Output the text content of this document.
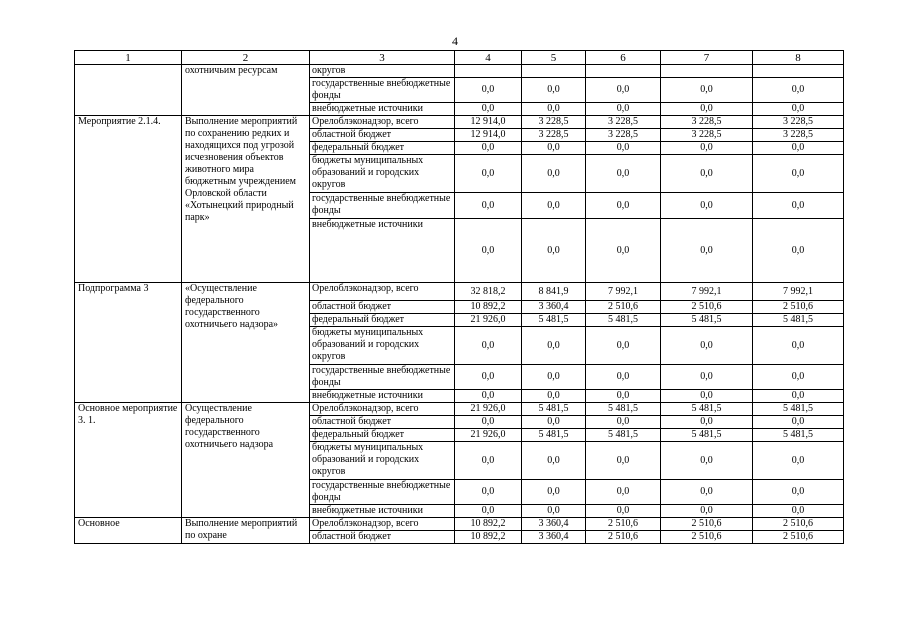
4
1	2	3	4	5	6	7	8
	охотничьим ресурсам	округов					
		государственные внебюджетные фонды	0,0	0,0	0,0	0,0	0,0
		внебюджетные источники	0,0	0,0	0,0	0,0	0,0
Мероприятие 2.1.4.	Выполнение мероприятий по сохранению редких и находящихся под угрозой исчезновения объектов животного мира бюджетным учреждением Орловской области «Хотынецкий природный парк»	Орелоблэконадзор, всего	12 914,0	3 228,5	3 228,5	3 228,5	3 228,5
		областной бюджет	12 914,0	3 228,5	3 228,5	3 228,5	3 228,5
		федеральный бюджет	0,0	0,0	0,0	0,0	0,0
		бюджеты муниципальных образований и городских округов	0,0	0,0	0,0	0,0	0,0
		государственные внебюджетные фонды	0,0	0,0	0,0	0,0	0,0
		внебюджетные источники	0,0	0,0	0,0	0,0	0,0
Подпрограмма 3	«Осуществление федерального государственного охотничьего надзора»	Орелоблэконадзор, всего	32 818,2	8 841,9	7 992,1	7 992,1	7 992,1
		областной бюджет	10 892,2	3 360,4	2 510,6	2 510,6	2 510,6
		федеральный бюджет	21 926,0	5 481,5	5 481,5	5 481,5	5 481,5
		бюджеты муниципальных образований и городских округов	0,0	0,0	0,0	0,0	0,0
		государственные внебюджетные фонды	0,0	0,0	0,0	0,0	0,0
		внебюджетные источники	0,0	0,0	0,0	0,0	0,0
Основное мероприятие 3. 1.	Осуществление федерального государственного охотничьего надзора	Орелоблэконадзор, всего	21 926,0	5 481,5	5 481,5	5 481,5	5 481,5
		областной бюджет	0,0	0,0	0,0	0,0	0,0
		федеральный бюджет	21 926,0	5 481,5	5 481,5	5 481,5	5 481,5
		бюджеты муниципальных образований и городских округов	0,0	0,0	0,0	0,0	0,0
		государственные внебюджетные фонды	0,0	0,0	0,0	0,0	0,0
		внебюджетные источники	0,0	0,0	0,0	0,0	0,0
Основное	Выполнение мероприятий по охране	Орелоблэконадзор, всего	10 892,2	3 360,4	2 510,6	2 510,6	2 510,6
		областной бюджет	10 892,2	3 360,4	2 510,6	2 510,6	2 510,6
